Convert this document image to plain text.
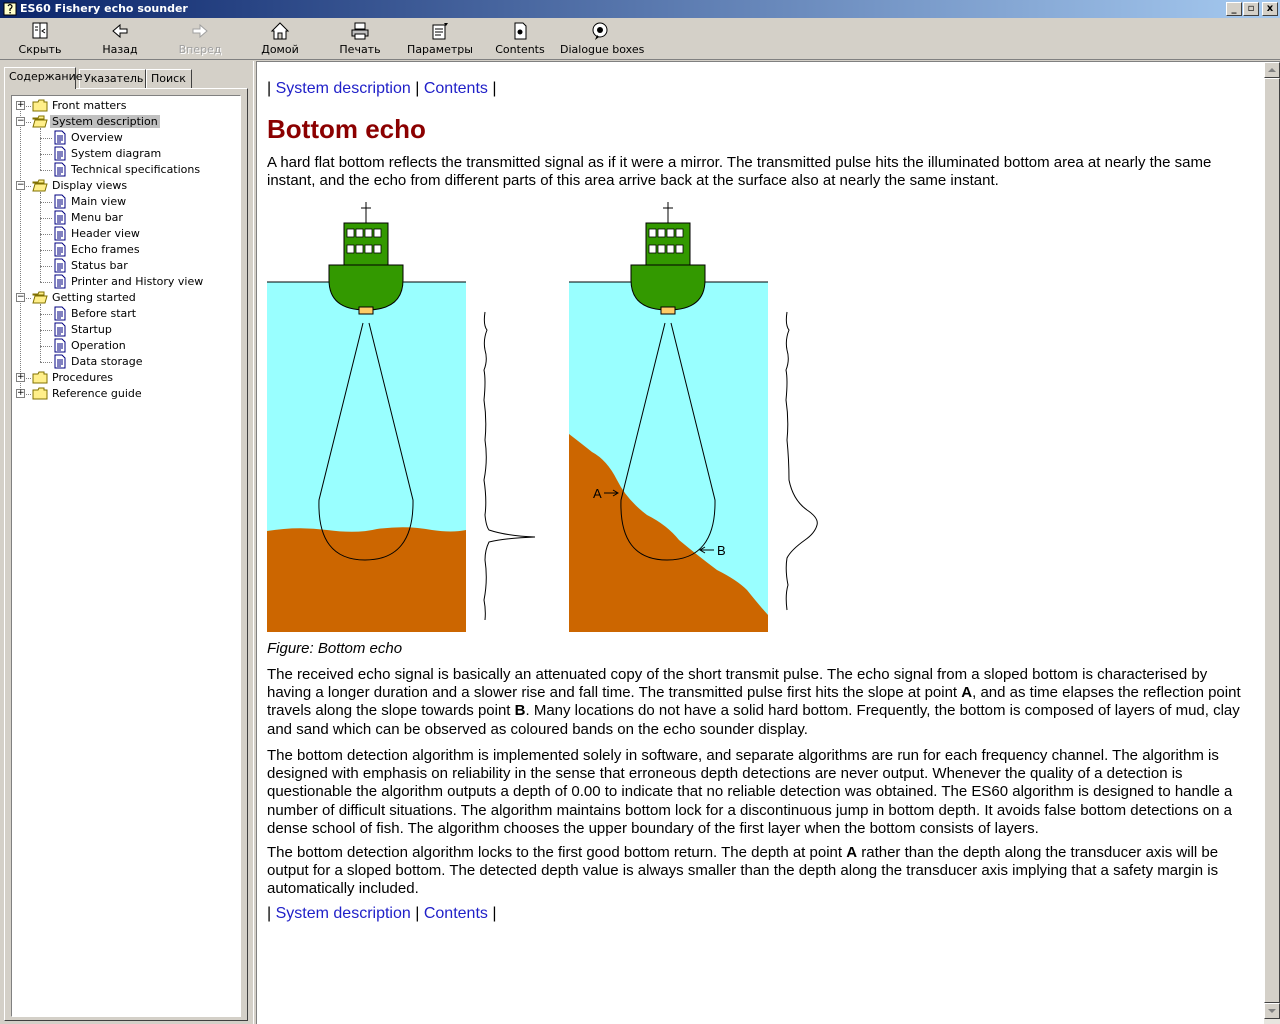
ES60 Fishery echo sounder	_	▫	x
Скрыть	Назад	Вперед	Домой	Печать	Параметры Contents Dialogue boxes
Содержание Указатель Поиск
+ Front matters
− System description
Overview
System diagram
Technical specifications
− Display views
Main view
Menu bar
Header view
Echo frames
Status bar
Printer and History view
− Getting started
Before start
Startup
Operation
Data storage
+ Procedures
+ Reference guide
| System description | Contents |
Bottom echo
A hard flat bottom reflects the transmitted signal as if it were a mirror. The transmitted pulse hits the illuminated bottom area at nearly the same instant, and the echo from different parts of this area arrive back at the surface also at nearly the same instant.
A
B
Figure: Bottom echo
The received echo signal is basically an attenuated copy of the short transmit pulse. The echo signal from a sloped bottom is characterised by having a longer duration and a slower rise and fall time. The transmitted pulse first hits the slope at point A, and as time elapses the reflection point travels along the slope towards point B. Many locations do not have a solid hard bottom. Frequently, the bottom is composed of layers of mud, clay and sand which can be observed as coloured bands on the echo sounder display.
The bottom detection algorithm is implemented solely in software, and separate algorithms are run for each frequency channel. The algorithm is designed with emphasis on reliability in the sense that erroneous depth detections are never output. Whenever the quality of a detection is questionable the algorithm outputs a depth of 0.00 to indicate that no reliable detection was obtained. The ES60 algorithm is designed to handle a number of difficult situations. The algorithm maintains bottom lock for a discontinuous jump in bottom depth. It avoids false bottom detections on a dense school of fish. The algorithm chooses the upper boundary of the first layer when the bottom consists of layers.
The bottom detection algorithm locks to the first good bottom return. The depth at point A rather than the depth along the transducer axis will be output for a sloped bottom. The detected depth value is always smaller than the depth along the transducer axis implying that a safety margin is automatically included.
| System description | Contents |
